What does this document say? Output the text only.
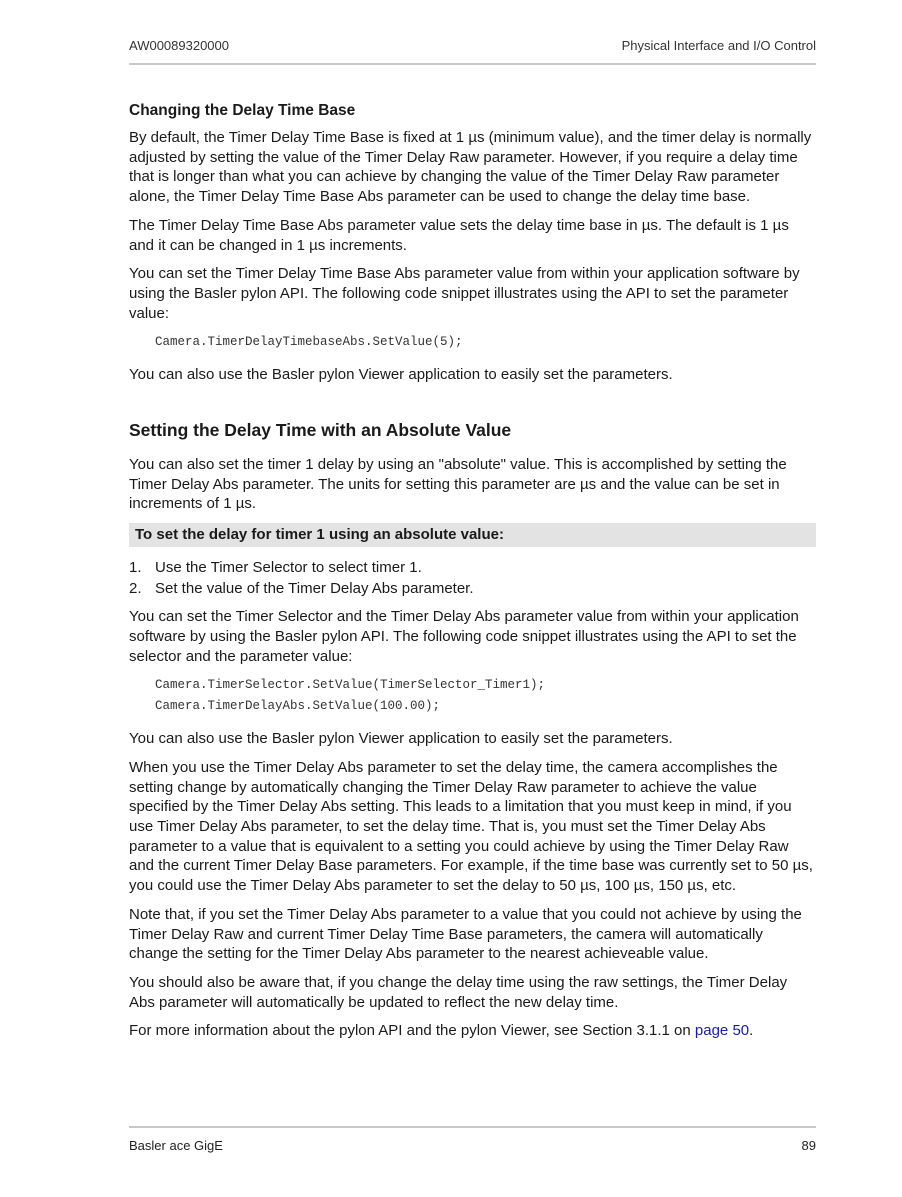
AW00089320000	Physical Interface and I/O Control
Changing the Delay Time Base

By default, the Timer Delay Time Base is fixed at 1 µs (minimum value), and the timer delay is normally adjusted by setting the value of the Timer Delay Raw parameter. However, if you require a delay time that is longer than what you can achieve by changing the value of the Timer Delay Raw parameter alone, the Timer Delay Time Base Abs parameter can be used to change the delay time base.

The Timer Delay Time Base Abs parameter value sets the delay time base in µs. The default is 1 µs and it can be changed in 1 µs increments.

You can set the Timer Delay Time Base Abs parameter value from within your application software by using the Basler pylon API. The following code snippet illustrates using the API to set the parameter value:

Camera.TimerDelayTimebaseAbs.SetValue(5);

You can also use the Basler pylon Viewer application to easily set the parameters.

Setting the Delay Time with an Absolute Value

You can also set the timer 1 delay by using an "absolute" value. This is accomplished by setting the Timer Delay Abs parameter. The units for setting this parameter are µs and the value can be set in increments of 1 µs.

To set the delay for timer 1 using an absolute value:
1. Use the Timer Selector to select timer 1.
2. Set the value of the Timer Delay Abs parameter.

You can set the Timer Selector and the Timer Delay Abs parameter value from within your application software by using the Basler pylon API. The following code snippet illustrates using the API to set the selector and the parameter value:

Camera.TimerSelector.SetValue(TimerSelector_Timer1);
Camera.TimerDelayAbs.SetValue(100.00);

You can also use the Basler pylon Viewer application to easily set the parameters.

When you use the Timer Delay Abs parameter to set the delay time, the camera accomplishes the setting change by automatically changing the Timer Delay Raw parameter to achieve the value specified by the Timer Delay Abs setting. This leads to a limitation that you must keep in mind, if you use Timer Delay Abs parameter, to set the delay time. That is, you must set the Timer Delay Abs parameter to a value that is equivalent to a setting you could achieve by using the Timer Delay Raw and the current Timer Delay Base parameters. For example, if the time base was currently set to 50 µs, you could use the Timer Delay Abs parameter to set the delay to 50 µs, 100 µs, 150 µs, etc.

Note that, if you set the Timer Delay Abs parameter to a value that you could not achieve by using the Timer Delay Raw and current Timer Delay Time Base parameters, the camera will automatically change the setting for the Timer Delay Abs parameter to the nearest achieveable value.

You should also be aware that, if you change the delay time using the raw settings, the Timer Delay Abs parameter will automatically be updated to reflect the new delay time.

For more information about the pylon API and the pylon Viewer, see Section 3.1.1 on page 50.

Basler ace GigE	89
